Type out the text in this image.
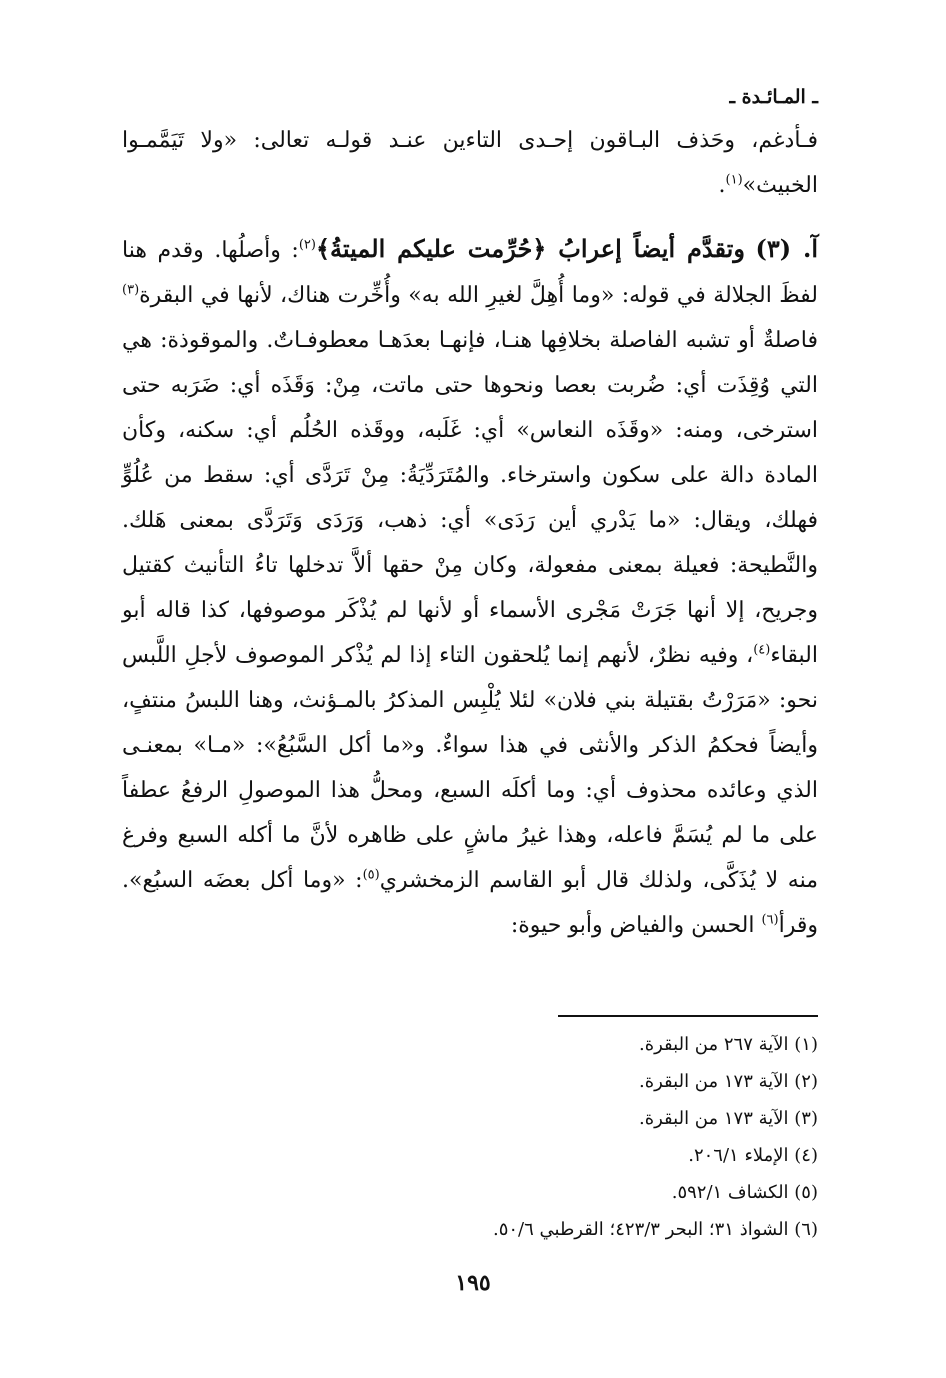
ـ المـائـدة ـ

فـأدغم، وحَذف البـاقون إحـدى التاءين عنـد قولـه تعالى: «ولا تَيَمَّمـوا الخبيث»$^{(١)}$.

آ. (٣) وتقدَّم أيضاً إعرابُ ﴿حُرِّمت عليكم الميتةُ﴾$^{(٢)}$: وأصلُها. وقدم هنا لفظَ الجلالة في قوله: «وما أُهِلَّ لغيرِ الله به» وأُخِّرت هناك، لأنها في البقرة$^{(٣)}$ فاصلةٌ أو تشبه الفاصلة بخلافِها هنـا، فإنهـا بعدَهـا معطوفـاتٌ. والموقوذة: هي التي وُقِذَت أي: ضُربت بعصا ونحوها حتى ماتت، مِنْ: وَقَذَه أي: ضَرَبه حتى استرخى، ومنه: «وقَذَه النعاس» أي: غَلَبه، ووقَذه الحُلُم أي: سكنه، وكأن المادة دالة على سكون واسترخاء. والمُتَرَدِّيَةُ: مِنْ تَرَدَّى أي: سقط من عُلُوٍّ فهلك، ويقال: «ما يَدْري أين رَدَى» أي: ذهب، وَرَدَى وَتَرَدَّى بمعنى هَلك. والنَّطيحة: فعيلة بمعنى مفعولة، وكان مِنْ حقها ألاَّ تدخلها تاءُ التأنيث كقتيل وجريح، إلا أنها جَرَتْ مَجْرى الأسماء أو لأنها لم يُذْكَر موصوفها، كذا قاله أبو البقاء$^{(٤)}$، وفيه نظرٌ، لأنهم إنما يُلحقون التاء إذا لم يُذْكر الموصوف لأجلِ اللَّبس نحو: «مَرَرْتُ بقتيلة بني فلان» لئلا يُلْبِس المذكرُ بالمـؤنث، وهنا اللبسُ منتفٍ، وأيضاً فحكمُ الذكر والأنثى في هذا سواءٌ. و«ما أكل السَّبُعُ»: «مـا» بمعنـى الذي وعائده محذوف أي: وما أكلَه السبع، ومحلُّ هذا الموصولِ الرفعُ عطفاً على ما لم يُسَمَّ فاعله، وهذا غيرُ ماشٍ على ظاهره لأنَّ ما أكله السبع وفرغ منه لا يُذَكَّى، ولذلك قال أبو القاسم الزمخشري$^{(٥)}$: «وما أكل بعضَه السبُع». وقرأ$^{(٦)}$ الحسن والفياض وأبو حيوة:

(١) الآية ٢٦٧ من البقرة.
(٢) الآية ١٧٣ من البقرة.
(٣) الآية ١٧٣ من البقرة.
(٤) الإملاء ٢٠٦/١.
(٥) الكشاف ٥٩٢/١.
(٦) الشواذ ٣١؛ البحر ٤٢٣/٣؛ القرطبي ٥٠/٦.
١٩٥
